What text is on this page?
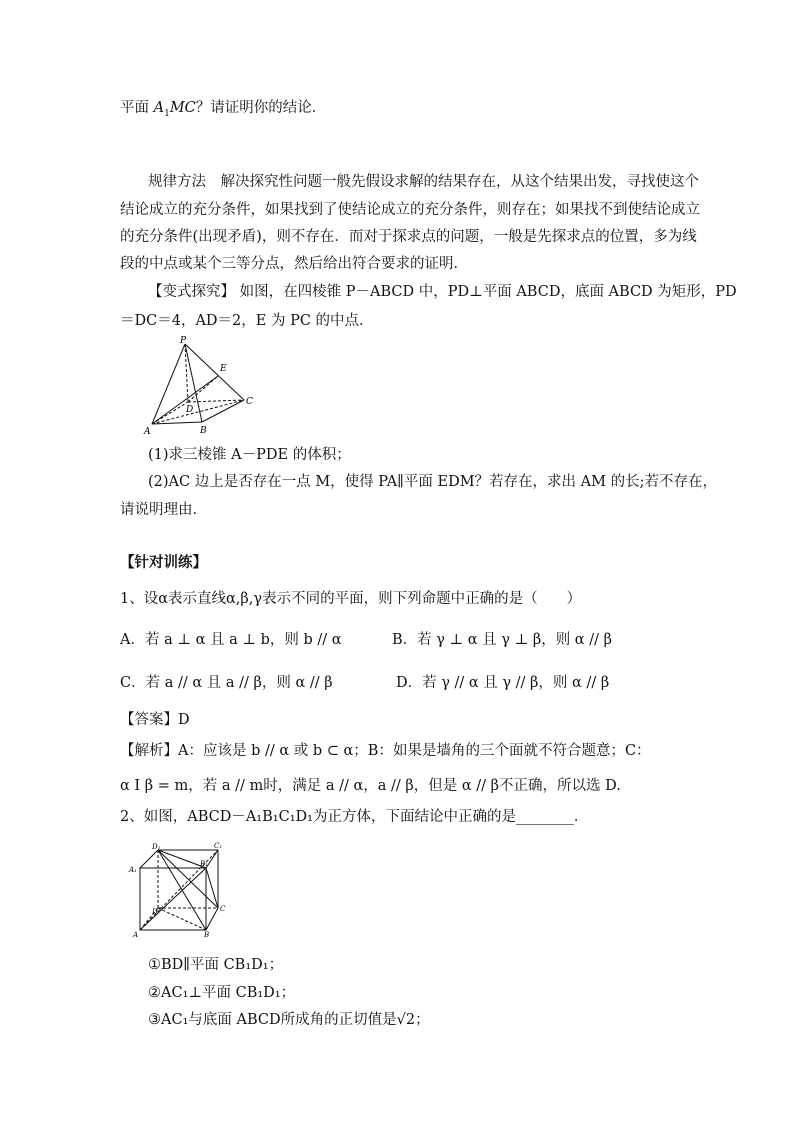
平面 $A_1MC$？请证明你的结论．
规律方法　解决探究性问题一般先假设求解的结果存在，从这个结果出发，寻找使这个
结论成立的充分条件，如果找到了使结论成立的充分条件，则存在；如果找不到使结论成立
的充分条件(出现矛盾)，则不存在．而对于探求点的问题，一般是先探求点的位置，多为线
段的中点或某个三等分点，然后给出符合要求的证明．
【变式探究】 如图，在四棱锥 P－ABCD 中，PD⊥平面 ABCD，底面 ABCD 为矩形，PD
＝DC＝4，AD＝2，E 为 PC 的中点．
P
E
D
C
A	B
(1)求三棱锥 A－PDE 的体积；
(2)AC 边上是否存在一点 M，使得 PA∥平面 EDM？若存在，求出 AM 的长;若不存在，
请说明理由．
【针对训练】
1、设α表示直线α,β,γ表示不同的平面，则下列命题中正确的是（　　）
A．若 a ⊥ α 且 a ⊥ b，则 b // α	B．若 γ ⊥ α 且 γ ⊥ β，则 α // β
C．若 a // α 且 a // β，则 α // β	D．若 γ // α 且 γ // β，则 α // β
【答案】D
【解析】A：应该是 b // α 或 b ⊂ α；B：如果是墙角的三个面就不符合题意；C：
α I β = m，若 a // m时，满足 a // α，a // β，但是 α // β不正确，所以选 D.
2、如图，ABCD－A₁B₁C₁D₁为正方体，下面结论中正确的是________．
D₁	C₁
A₁
B₁
D	C
A	B
①BD∥平面 CB₁D₁；
②AC₁⊥平面 CB₁D₁；
③AC₁与底面 ABCD所成角的正切值是√2；
